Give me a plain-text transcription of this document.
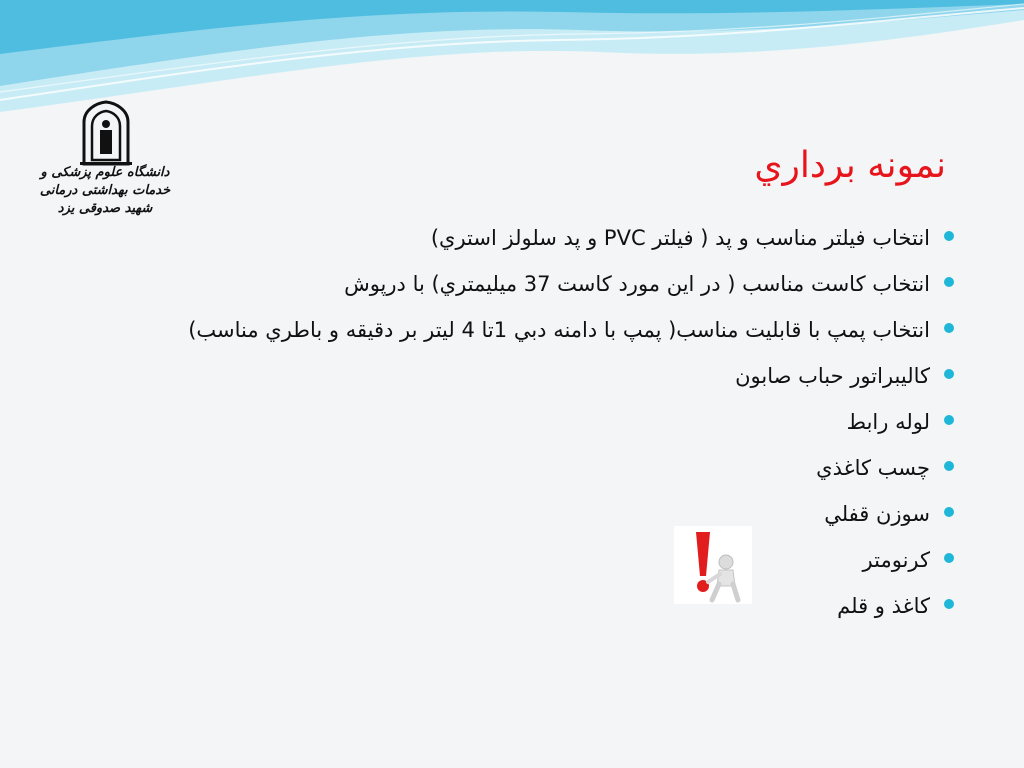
دانشگاه علوم پزشکی و خدمات بهداشتی درمانی
شهید صدوقی یزد
نمونه برداري
انتخاب فيلتر مناسب و پد ( فيلتر PVC و پد سلولز استري)
انتخاب کاست مناسب ( در اين مورد کاست 37 ميليمتري) با درپوش
انتخاب پمپ با قابليت مناسب( پمپ با دامنه دبي 1تا 4 ليتر بر دقيقه و باطري مناسب)
کاليبراتور حباب صابون
لوله رابط
چسب کاغذي
سوزن قفلي
کرنومتر
کاغذ و قلم
